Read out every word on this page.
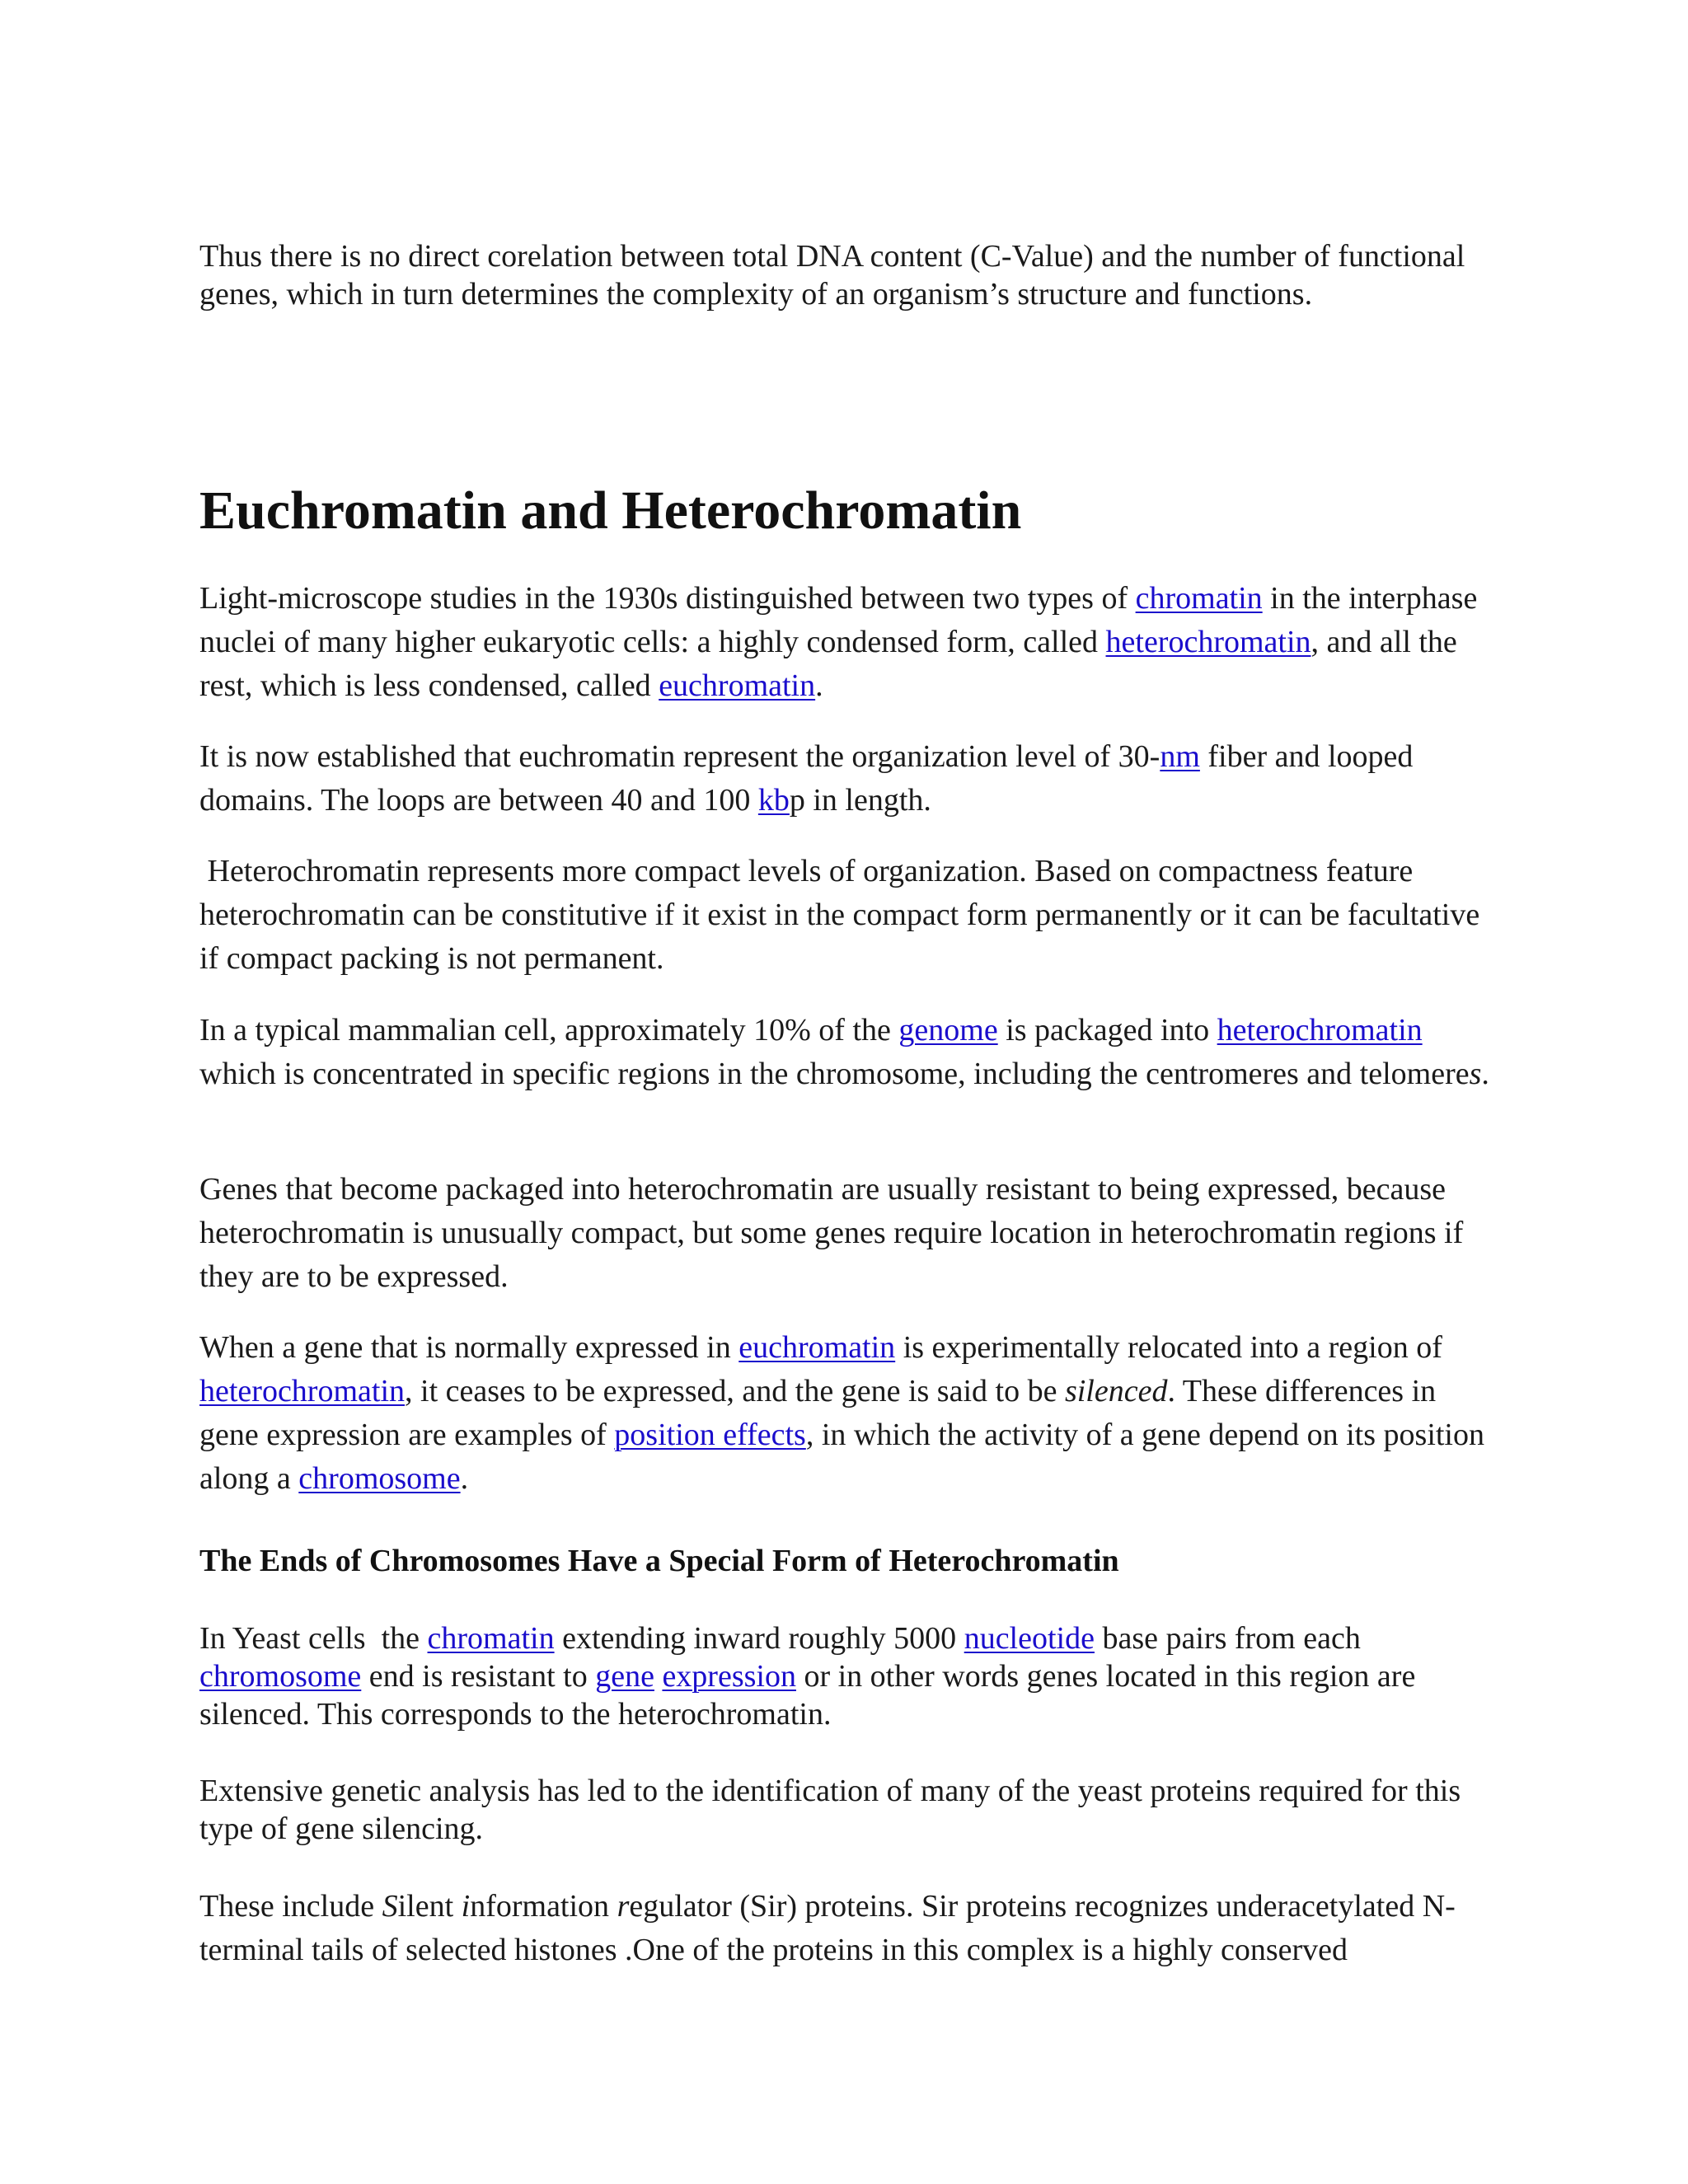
Thus there is no direct corelation between total DNA content (C-Value) and the number of functional genes, which in turn determines the complexity of an organism’s structure and functions.

Euchromatin and Heterochromatin

Light-microscope studies in the 1930s distinguished between two types of chromatin in the interphase nuclei of many higher eukaryotic cells: a highly condensed form, called heterochromatin, and all the rest, which is less condensed, called euchromatin.

It is now established that euchromatin represent the organization level of 30-nm fiber and looped domains. The loops are between 40 and 100 kbp in length.

Heterochromatin represents more compact levels of organization. Based on compactness feature heterochromatin can be constitutive if it exist in the compact form permanently or it can be facultative if compact packing is not permanent.

In a typical mammalian cell, approximately 10% of the genome is packaged into heterochromatin  which is concentrated in specific regions in the chromosome, including the centromeres and telomeres.

Genes that become packaged into heterochromatin are usually resistant to being expressed, because heterochromatin is unusually compact, but some genes require location in heterochromatin regions if they are to be expressed.

When a gene that is normally expressed in euchromatin is experimentally relocated into a region of heterochromatin, it ceases to be expressed, and the gene is said to be silenced. These differences in gene expression are examples of position effects, in which the activity of a gene depend on its position along a chromosome.

The Ends of Chromosomes Have a Special Form of Heterochromatin

In Yeast cells  the chromatin extending inward roughly 5000 nucleotide base pairs from each chromosome end is resistant to gene expression or in other words genes located in this region are silenced. This corresponds to the heterochromatin.

Extensive genetic analysis has led to the identification of many of the yeast proteins required for this type of gene silencing.

These include Silent information regulator (Sir) proteins. Sir proteins recognizes underacetylated N-terminal tails of selected histones .One of the proteins in this complex is a highly conserved
